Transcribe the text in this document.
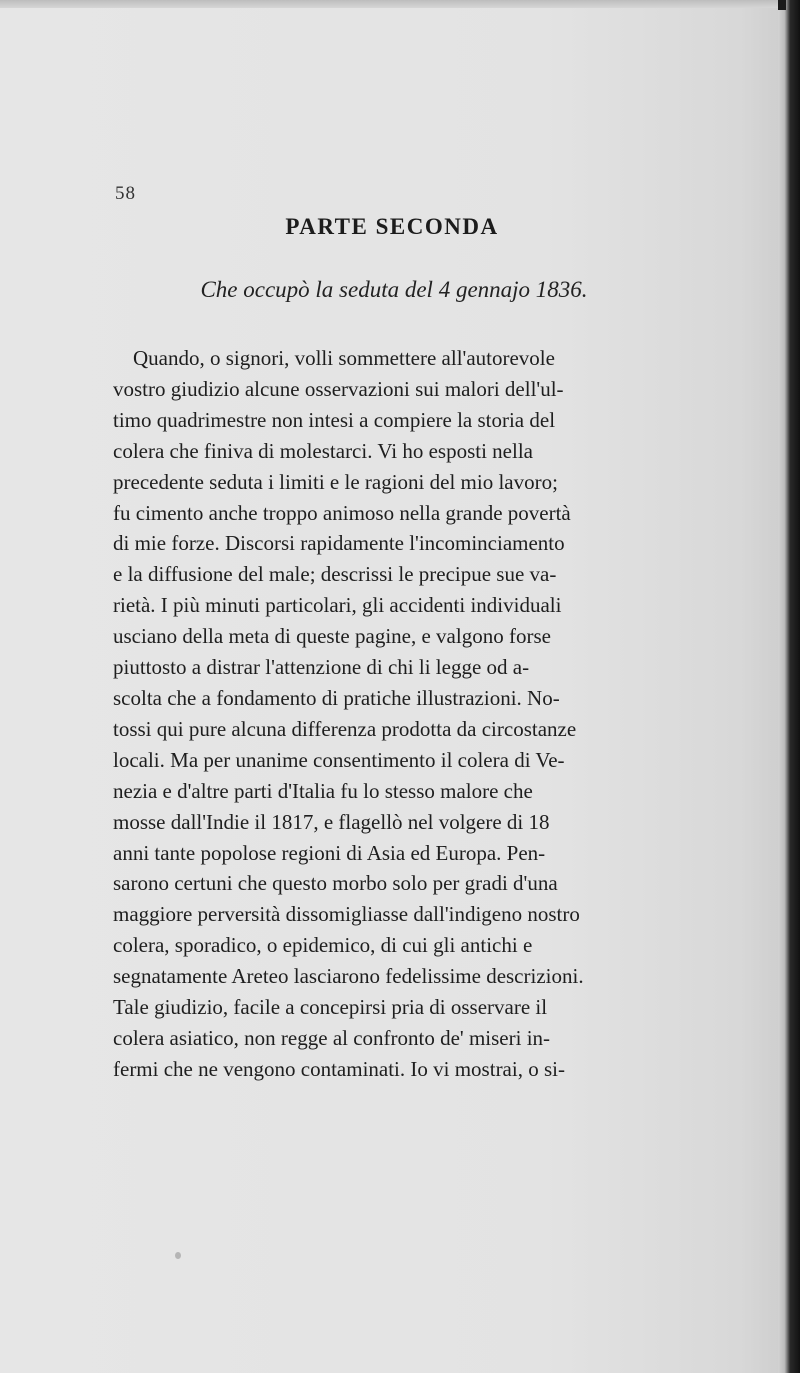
58
PARTE SECONDA
Che occupò la seduta del 4 gennajo 1836.
Quando, o signori, volli sommettere all'autorevole
vostro giudizio alcune osservazioni sui malori dell'ul-
timo quadrimestre non intesi a compiere la storia del
colera che finiva di molestarci. Vi ho esposti nella
precedente seduta i limiti e le ragioni del mio lavoro;
fu cimento anche troppo animoso nella grande povertà
di mie forze. Discorsi rapidamente l'incominciamento
e la diffusione del male; descrissi le precipue sue va-
rietà. I più minuti particolari, gli accidenti individuali
usciano della meta di queste pagine, e valgono forse
piuttosto a distrar l'attenzione di chi li legge od a-
scolta che a fondamento di pratiche illustrazioni. No-
tossi qui pure alcuna differenza prodotta da circostanze
locali. Ma per unanime consentimento il colera di Ve-
nezia e d'altre parti d'Italia fu lo stesso malore che
mosse dall'Indie il 1817, e flagellò nel volgere di 18
anni tante popolose regioni di Asia ed Europa. Pen-
sarono certuni che questo morbo solo per gradi d'una
maggiore perversità dissomigliasse dall'indigeno nostro
colera, sporadico, o epidemico, di cui gli antichi e
segnatamente Areteo lasciarono fedelissime descrizioni.
Tale giudizio, facile a concepirsi pria di osservare il
colera asiatico, non regge al confronto de' miseri in-
fermi che ne vengono contaminati. Io vi mostrai, o si-
